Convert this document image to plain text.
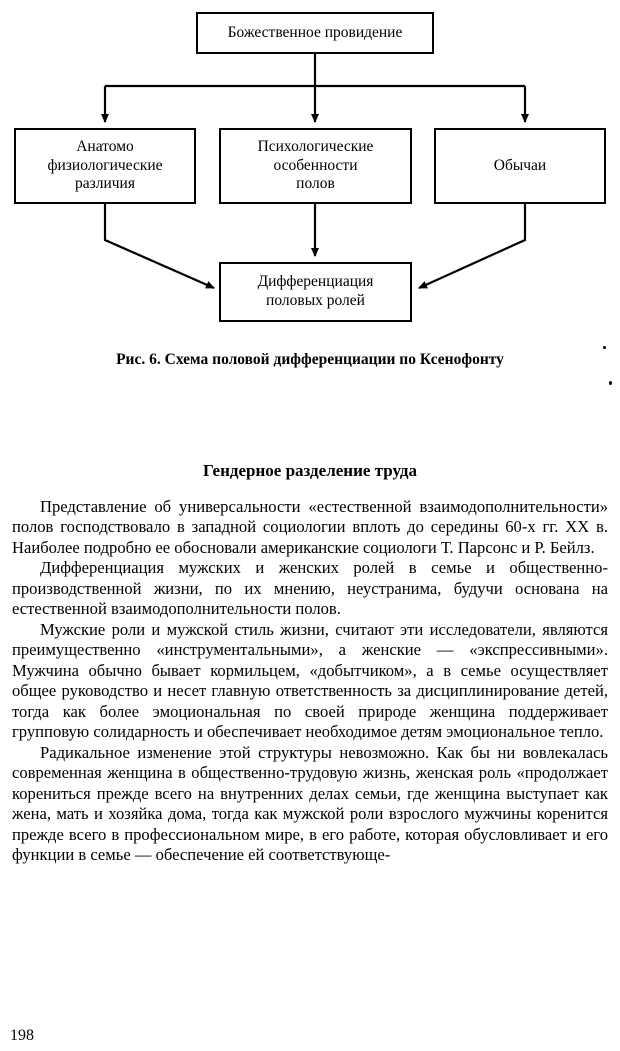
Божественное провидение
Анатомо
физиологические
различия
Психологические
особенности
полов
Обычаи
Дифференциация
половых ролей
Рис. 6. Схема половой дифференциации по Ксенофонту
Гендерное разделение труда

Представление об универсальности «естественной взаимодополнительности» полов господствовало в западной социологии вплоть до середины 60-х гг. XX в. Наиболее подробно ее обосновали американские социологи Т. Парсонс и Р. Бейлз.

Дифференциация мужских и женских ролей в семье и общественно-производственной жизни, по их мнению, неустранима, будучи основана на естественной взаимодополнительности полов.

Мужские роли и мужской стиль жизни, считают эти исследователи, являются преимущественно «инструментальными», а женские — «экспрессивными». Мужчина обычно бывает кормильцем, «добытчиком», а в семье осуществляет общее руководство и несет главную ответственность за дисциплинирование детей, тогда как более эмоциональная по своей природе женщина поддерживает групповую солидарность и обеспечивает необходимое детям эмоциональное тепло.

Радикальное изменение этой структуры невозможно. Как бы ни вовлекалась современная женщина в общественно-трудовую жизнь, женская роль «продолжает корениться прежде всего на внутренних делах семьи, где женщина выступает как жена, мать и хозяйка дома, тогда как мужской роли взрослого мужчины коренится прежде всего в профессиональном мире, в его работе, которая обусловливает и его функции в семье — обеспечение ей соответствующе-

198
